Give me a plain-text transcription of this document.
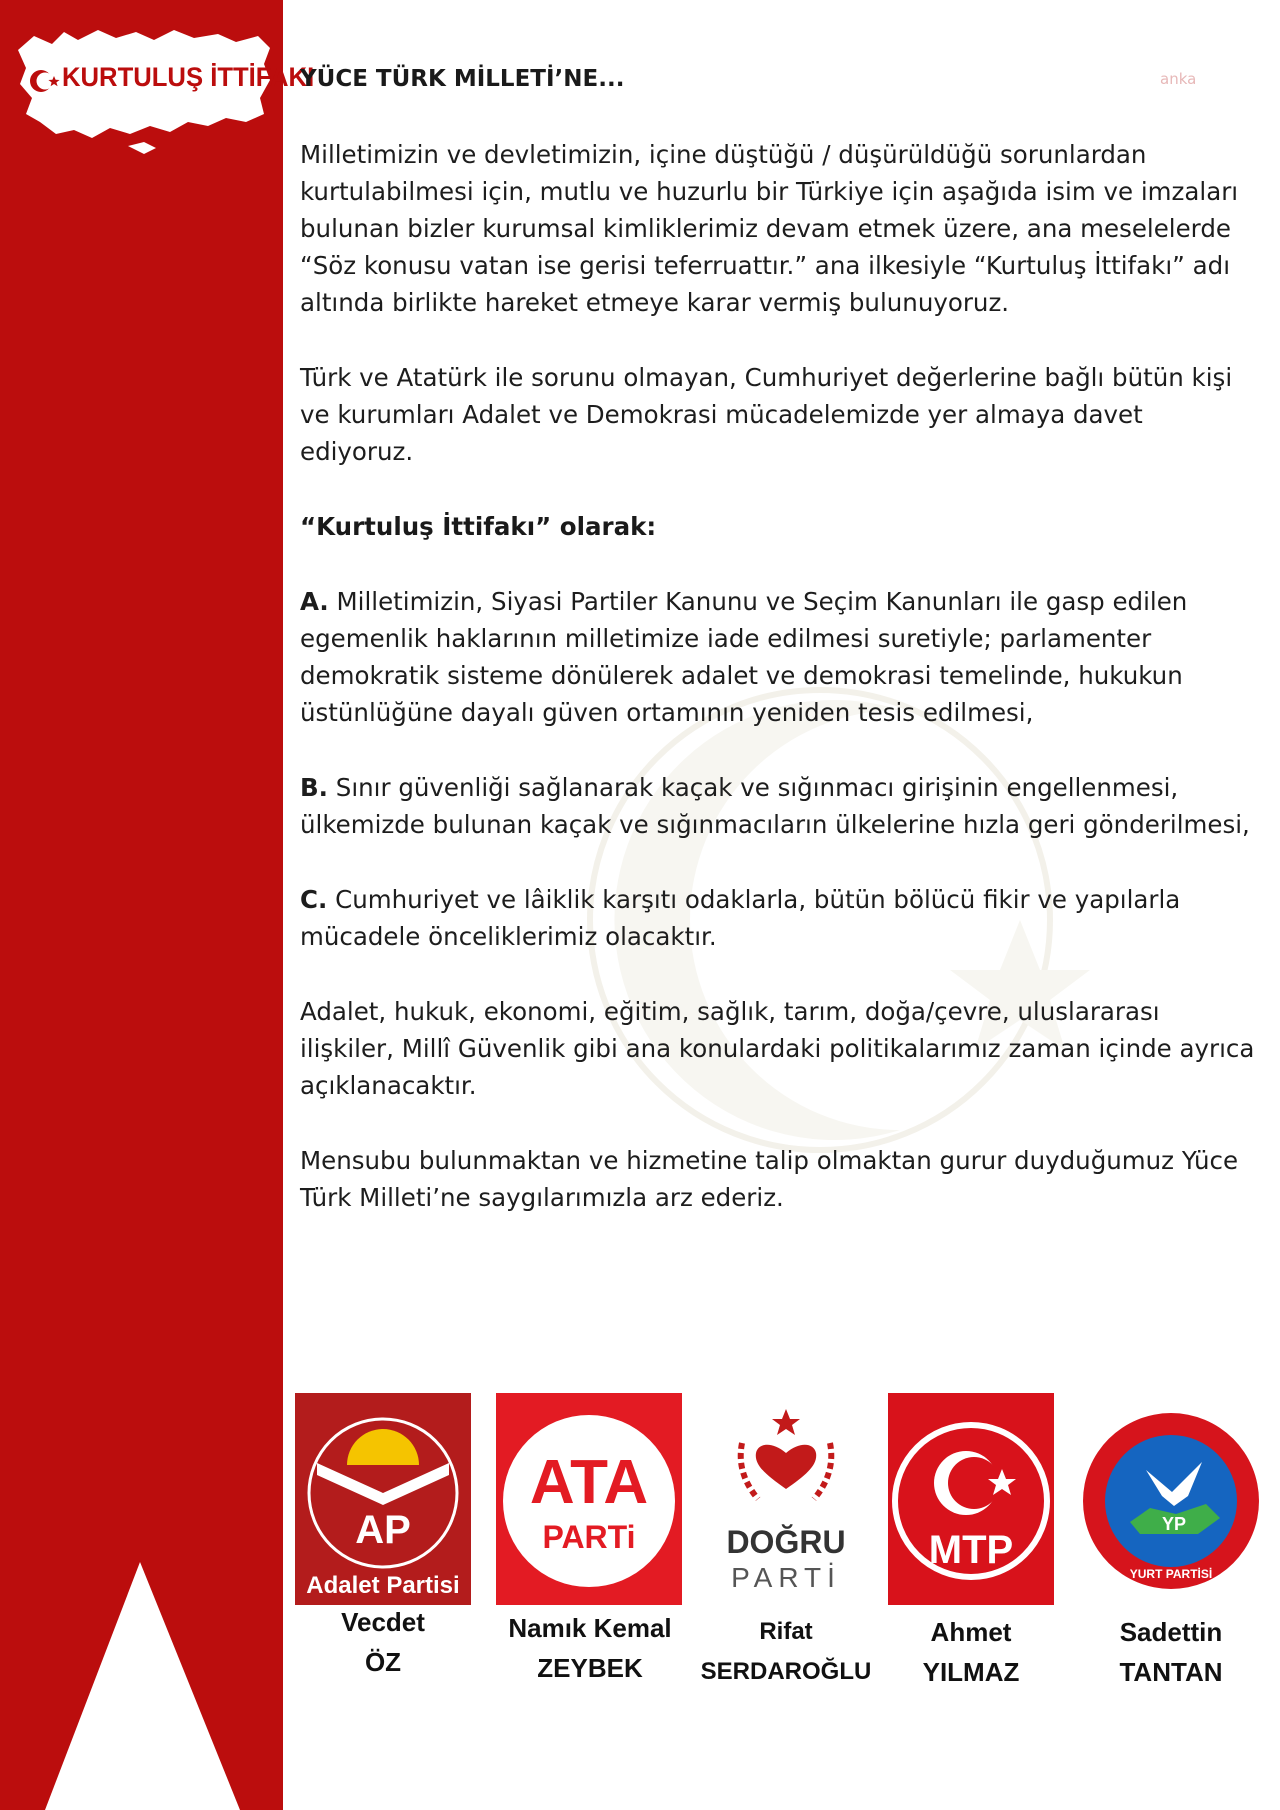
KURTULUŞ İTTİFAKI	anka
YÜCE TÜRK MİLLETİ’NE...

Milletimizin ve devletimizin, içine düştüğü / düşürüldüğü sorunlardan kurtulabilmesi için, mutlu ve huzurlu bir Türkiye için aşağıda isim ve imzaları bulunan bizler kurumsal kimliklerimiz devam etmek üzere, ana meselelerde “Söz konusu vatan ise gerisi teferruattır.” ana ilkesiyle “Kurtuluş İttifakı” adı altında birlikte hareket etmeye karar vermiş bulunuyoruz.

Türk ve Atatürk ile sorunu olmayan, Cumhuriyet değerlerine bağlı bütün kişi ve kurumları Adalet ve Demokrasi mücadelemizde yer almaya davet ediyoruz.

“Kurtuluş İttifakı” olarak:

A. Milletimizin, Siyasi Partiler Kanunu ve Seçim Kanunları ile gasp edilen egemenlik haklarının milletimize iade edilmesi suretiyle; parlamenter demokratik sisteme dönülerek adalet ve demokrasi temelinde, hukukun üstünlüğüne dayalı güven ortamının yeniden tesis edilmesi,

B. Sınır güvenliği sağlanarak kaçak ve sığınmacı girişinin engellenmesi, ülkemizde bulunan kaçak ve sığınmacıların ülkelerine hızla geri gönderilmesi,

C. Cumhuriyet ve lâiklik karşıtı odaklarla, bütün bölücü fikir ve yapılarla mücadele önceliklerimiz olacaktır.

Adalet, hukuk, ekonomi, eğitim, sağlık, tarım, doğa/çevre, uluslararası ilişkiler, Millî Güvenlik gibi ana konulardaki politikalarımız zaman içinde ayrıca açıklanacaktır.

Mensubu bulunmaktan ve hizmetine talip olmaktan gurur duyduğumuz Yüce Türk Milleti’ne saygılarımızla arz ederiz.

AP
Adalet Partisi
ATA
PARTi	DOĞRU
PARTİ
MTP
YP
YURT PARTİSİ
Vecdet
ÖZ
Namık Kemal
ZEYBEK
Rifat
SERDAROĞLU
Ahmet
YILMAZ
Sadettin
TANTAN
